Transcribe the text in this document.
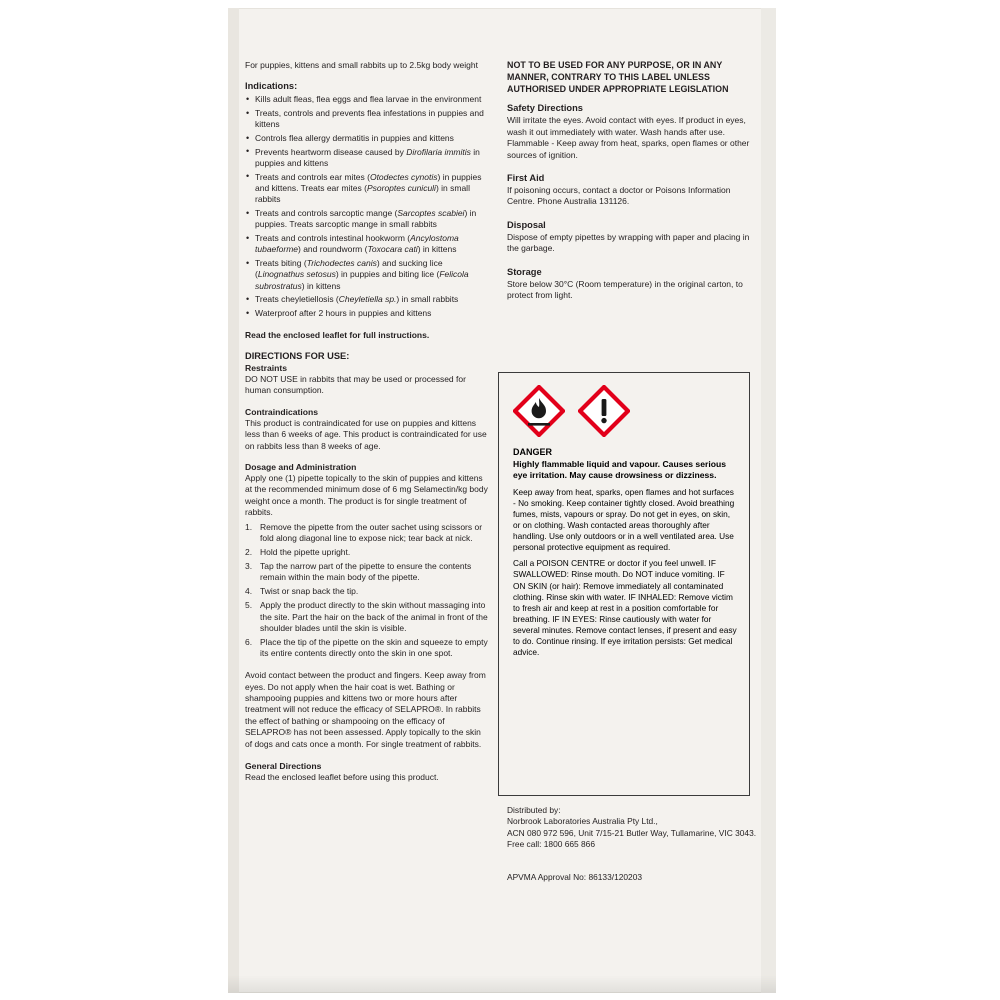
For puppies, kittens and small rabbits up to 2.5kg body weight
Indications:
• Kills adult fleas, flea eggs and flea larvae in the environment
• Treats, controls and prevents flea infestations in puppies and kittens
• Controls flea allergy dermatitis in puppies and kittens
• Prevents heartworm disease caused by Dirofilaria immitis in puppies and kittens
• Treats and controls ear mites (Otodectes cynotis) in puppies and kittens. Treats ear mites (Psoroptes cuniculi) in small rabbits
• Treats and controls sarcoptic mange (Sarcoptes scabiei) in puppies. Treats sarcoptic mange in small rabbits
• Treats and controls intestinal hookworm (Ancylostoma tubaeforme) and roundworm (Toxocara cati) in kittens
• Treats biting (Trichodectes canis) and sucking lice (Linognathus setosus) in puppies and biting lice (Felicola subrostratus) in kittens
• Treats cheyletiellosis (Cheyletiella sp.) in small rabbits
• Waterproof after 2 hours in puppies and kittens
Read the enclosed leaflet for full instructions.
DIRECTIONS FOR USE:
Restraints
DO NOT USE in rabbits that may be used or processed for human consumption.
Contraindications
This product is contraindicated for use on puppies and kittens less than 6 weeks of age. This product is contraindicated for use on rabbits less than 8 weeks of age.
Dosage and Administration
Apply one (1) pipette topically to the skin of puppies and kittens at the recommended minimum dose of 6 mg Selamectin/kg body weight once a month. The product is for single treatment of rabbits.
Remove the pipette from the outer sachet using scissors or fold along diagonal line to expose nick; tear back at nick.
Hold the pipette upright.
Tap the narrow part of the pipette to ensure the contents remain within the main body of the pipette.
Twist or snap back the tip.
Apply the product directly to the skin without massaging into the site. Part the hair on the back of the animal in front of the shoulder blades until the skin is visible.
Place the tip of the pipette on the skin and squeeze to empty its entire contents directly onto the skin in one spot.
Avoid contact between the product and fingers. Keep away from eyes. Do not apply when the hair coat is wet. Bathing or shampooing puppies and kittens two or more hours after treatment will not reduce the efficacy of SELAPRO®. In rabbits the effect of bathing or shampooing on the efficacy of SELAPRO® has not been assessed. Apply topically to the skin of dogs and cats once a month. For single treatment of rabbits.
General Directions
Read the enclosed leaflet before using this product.
NOT TO BE USED FOR ANY PURPOSE, OR IN ANY MANNER, CONTRARY TO THIS LABEL UNLESS AUTHORISED UNDER APPROPRIATE LEGISLATION
Safety Directions
Will irritate the eyes. Avoid contact with eyes. If product in eyes, wash it out immediately with water. Wash hands after use. Flammable - Keep away from heat, sparks, open flames or other sources of ignition.
First Aid
If poisoning occurs, contact a doctor or Poisons Information Centre. Phone Australia 131126.
Disposal
Dispose of empty pipettes by wrapping with paper and placing in the garbage.
Storage
Store below 30°C (Room temperature) in the original carton, to protect from light.
DANGER
Highly flammable liquid and vapour. Causes serious eye irritation. May cause drowsiness or dizziness.
Keep away from heat, sparks, open flames and hot surfaces - No smoking. Keep container tightly closed. Avoid breathing fumes, mists, vapours or spray. Do not get in eyes, on skin, or on clothing. Wash contacted areas thoroughly after handling. Use only outdoors or in a well ventilated area. Use personal protective equipment as required.
Call a POISON CENTRE or doctor if you feel unwell. IF SWALLOWED: Rinse mouth. Do NOT induce vomiting. IF ON SKIN (or hair): Remove immediately all contaminated clothing. Rinse skin with water. IF INHALED: Remove victim to fresh air and keep at rest in a position comfortable for breathing. IF IN EYES: Rinse cautiously with water for several minutes. Remove contact lenses, if present and easy to do. Continue rinsing. If eye irritation persists: Get medical advice.
Distributed by:
Norbrook Laboratories Australia Pty Ltd.,
ACN 080 972 596, Unit 7/15-21 Butler Way, Tullamarine, VIC 3043.
Free call: 1800 665 866
APVMA Approval No: 86133/120203
